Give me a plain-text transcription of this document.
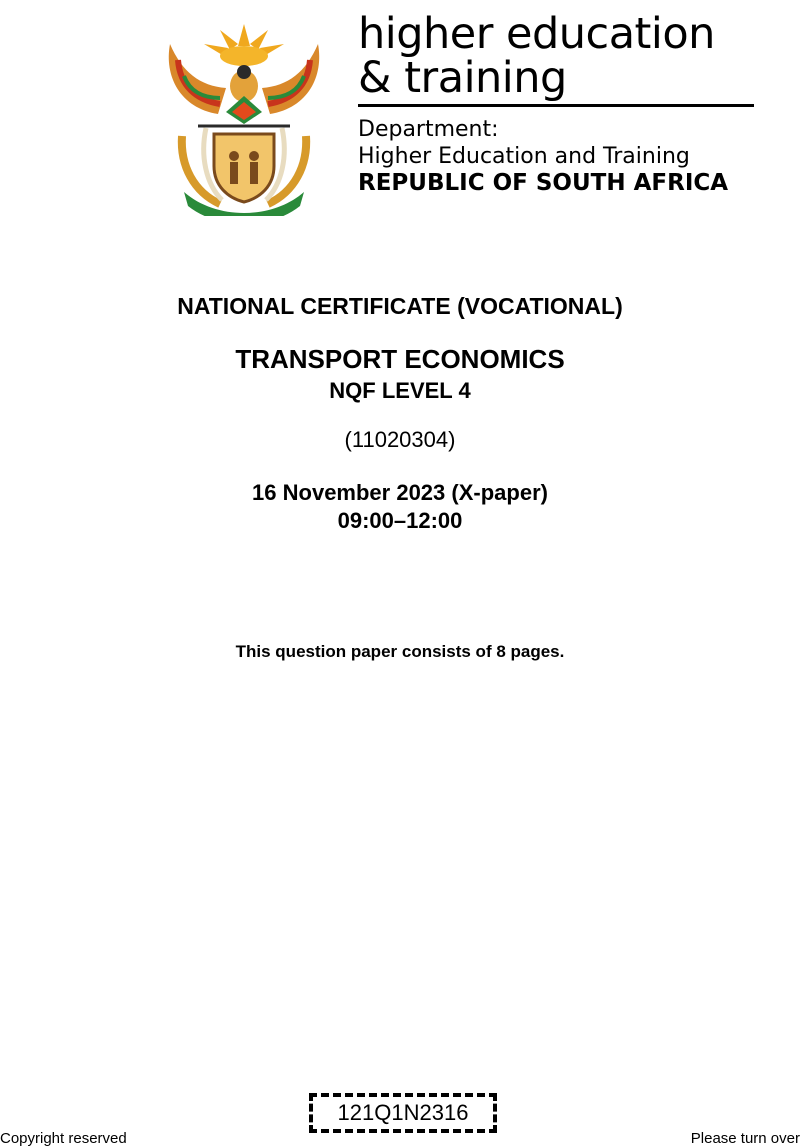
higher education
& training
Department:
Higher Education and Training
REPUBLIC OF SOUTH AFRICA
NATIONAL CERTIFICATE (VOCATIONAL)
TRANSPORT ECONOMICS
NQF LEVEL 4
(11020304)
16 November 2023 (X-paper)
09:00–12:00
This question paper consists of 8 pages.
121Q1N2316
Copyright reserved	Please turn over
